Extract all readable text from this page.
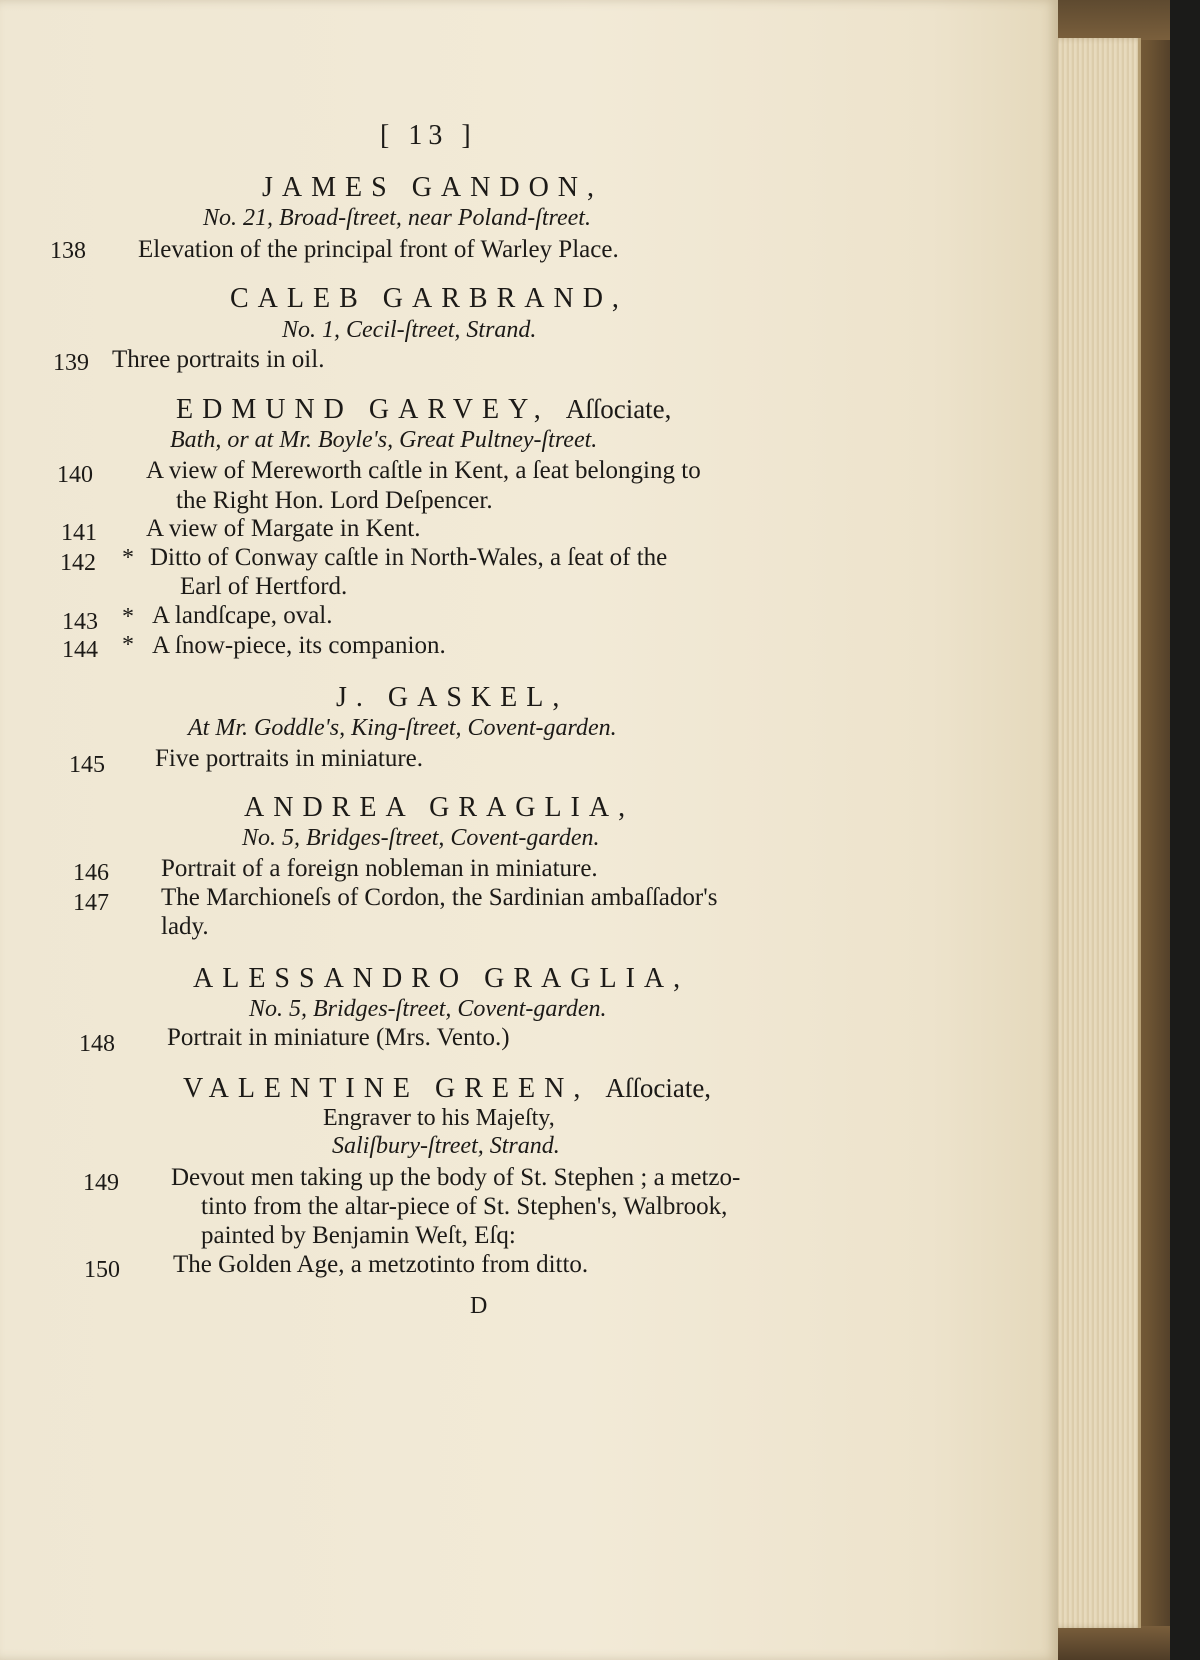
[ 13 ]
JAMES GANDON,
No. 21, Broad-ſtreet, near Poland-ſtreet.
138 Elevation of the principal front of Warley Place.
CALEB GARBRAND,
No. 1, Cecil-ſtreet, Strand.
139 Three portraits in oil.
EDMUND GARVEY, Aſſociate,
Bath, or at Mr. Boyle's, Great Pultney-ſtreet.
140 A view of Mereworth caſtle in Kent, a ſeat belonging to
the Right Hon. Lord Deſpencer.
141 A view of Margate in Kent.
142 * Ditto of Conway caſtle in North-Wales, a ſeat of the
Earl of Hertford.
143 * A landſcape, oval.
144 * A ſnow-piece, its companion.
J. GASKEL,
At Mr. Goddle's, King-ſtreet, Covent-garden.
145 Five portraits in miniature.
ANDREA GRAGLIA,
No. 5, Bridges-ſtreet, Covent-garden.
146 Portrait of a foreign nobleman in miniature.
147 The Marchioneſs of Cordon, the Sardinian ambaſſador's
lady.
ALESSANDRO GRAGLIA,
No. 5, Bridges-ſtreet, Covent-garden.
148 Portrait in miniature (Mrs. Vento.)
VALENTINE GREEN, Aſſociate,
Engraver to his Majeſty,
Saliſbury-ſtreet, Strand.
149 Devout men taking up the body of St. Stephen ; a metzo-
tinto from the altar-piece of St. Stephen's, Walbrook,
painted by Benjamin Weſt, Eſq:
150 The Golden Age, a metzotinto from ditto.
D
